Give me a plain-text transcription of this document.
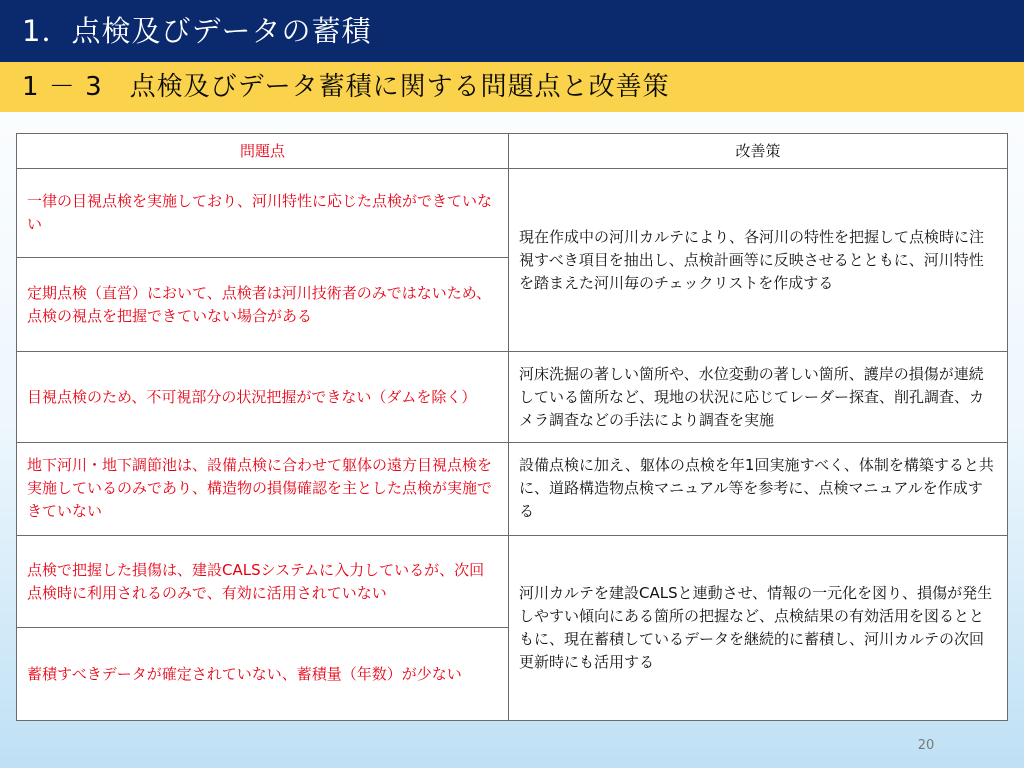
1．点検及びデータの蓄積
1 － 3　点検及びデータ蓄積に関する問題点と改善策
問題点	改善策
一律の目視点検を実施しており、河川特性に応じた点検ができていない	現在作成中の河川カルテにより、各河川の特性を把握して点検時に注視すべき項目を抽出し、点検計画等に反映させるとともに、河川特性を踏まえた河川毎のチェックリストを作成する
定期点検（直営）において、点検者は河川技術者のみではないため、点検の視点を把握できていない場合がある	
目視点検のため、不可視部分の状況把握ができない（ダムを除く）	河床洗掘の著しい箇所や、水位変動の著しい箇所、護岸の損傷が連続している箇所など、現地の状況に応じてレーダー探査、削孔調査、カメラ調査などの手法により調査を実施
地下河川・地下調節池は、設備点検に合わせて躯体の遠方目視点検を実施しているのみであり、構造物の損傷確認を主とした点検が実施できていない	設備点検に加え、躯体の点検を年1回実施すべく、体制を構築すると共に、道路構造物点検マニュアル等を参考に、点検マニュアルを作成する
点検で把握した損傷は、建設CALSシステムに入力しているが、次回点検時に利用されるのみで、有効に活用されていない	河川カルテを建設CALSと連動させ、情報の一元化を図り、損傷が発生しやすい傾向にある箇所の把握など、点検結果の有効活用を図るとともに、現在蓄積しているデータを継続的に蓄積し、河川カルテの次回更新時にも活用する
蓄積すべきデータが確定されていない、蓄積量（年数）が少ない	
20
